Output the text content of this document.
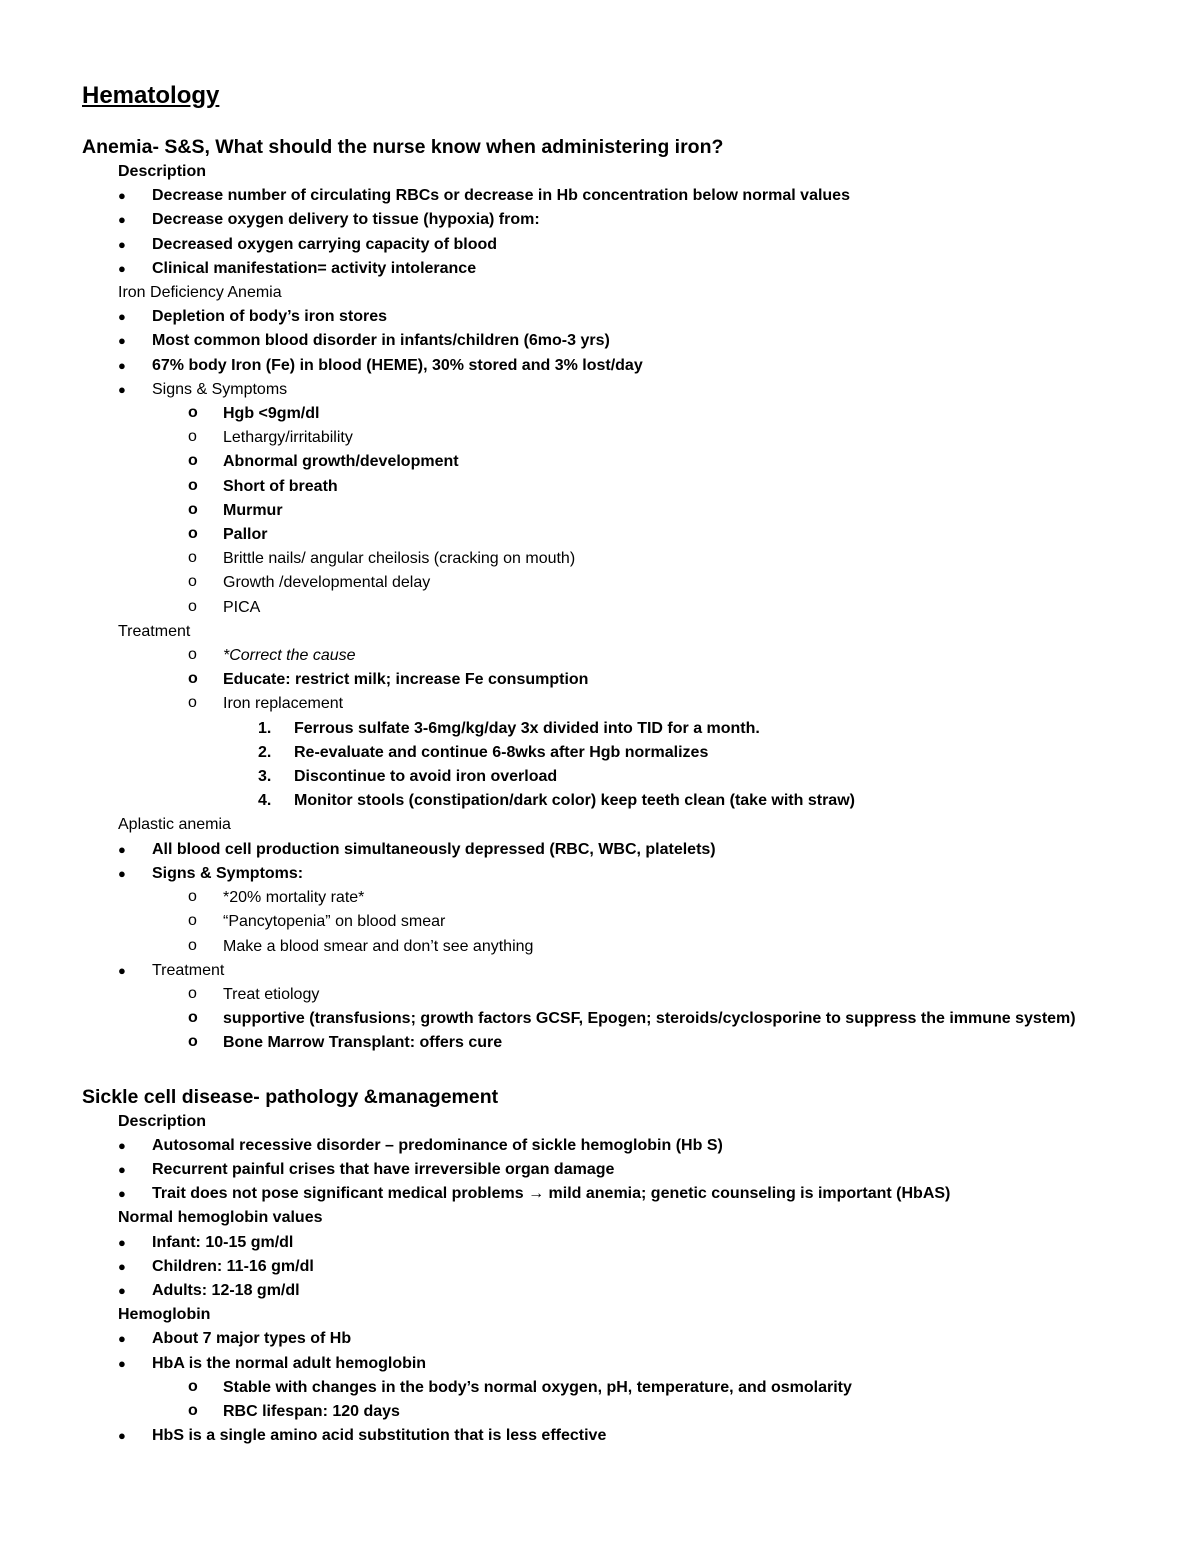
Hematology
Anemia- S&S, What should the nurse know when administering iron?
Description
● Decrease number of circulating RBCs or decrease in Hb concentration below normal values
● Decrease oxygen delivery to tissue (hypoxia) from:
● Decreased oxygen carrying capacity of blood
● Clinical manifestation= activity intolerance
Iron Deficiency Anemia
● Depletion of body’s iron stores
● Most common blood disorder in infants/children (6mo-3 yrs)
● 67% body Iron (Fe) in blood (HEME), 30% stored and 3% lost/day
● Signs & Symptoms
o Hgb <9gm/dl
o Lethargy/irritability
o Abnormal growth/development
o Short of breath
o Murmur
o Pallor
o Brittle nails/ angular cheilosis (cracking on mouth)
o Growth /developmental delay
o PICA
Treatment
o *Correct the cause
o Educate: restrict milk; increase Fe consumption
o Iron replacement
1. Ferrous sulfate 3-6mg/kg/day 3x divided into TID for a month.
2. Re-evaluate and continue 6-8wks after Hgb normalizes
3. Discontinue to avoid iron overload
4. Monitor stools (constipation/dark color) keep teeth clean (take with straw)
Aplastic anemia
● All blood cell production simultaneously depressed (RBC, WBC, platelets)
● Signs & Symptoms:
o *20% mortality rate*
o “Pancytopenia” on blood smear
o Make a blood smear and don’t see anything
● Treatment
o Treat etiology
o supportive (transfusions; growth factors GCSF, Epogen; steroids/cyclosporine to suppress the immune system)
o Bone Marrow Transplant: offers cure
Sickle cell disease- pathology &management
Description
● Autosomal recessive disorder – predominance of sickle hemoglobin (Hb S)
● Recurrent painful crises that have irreversible organ damage
● Trait does not pose significant medical problems → mild anemia; genetic counseling is important (HbAS)
Normal hemoglobin values
● Infant: 10-15 gm/dl
● Children: 11-16 gm/dl
● Adults: 12-18 gm/dl
Hemoglobin
● About 7 major types of Hb
● HbA is the normal adult hemoglobin
o Stable with changes in the body’s normal oxygen, pH, temperature, and osmolarity
o RBC lifespan: 120 days
● HbS is a single amino acid substitution that is less effective
